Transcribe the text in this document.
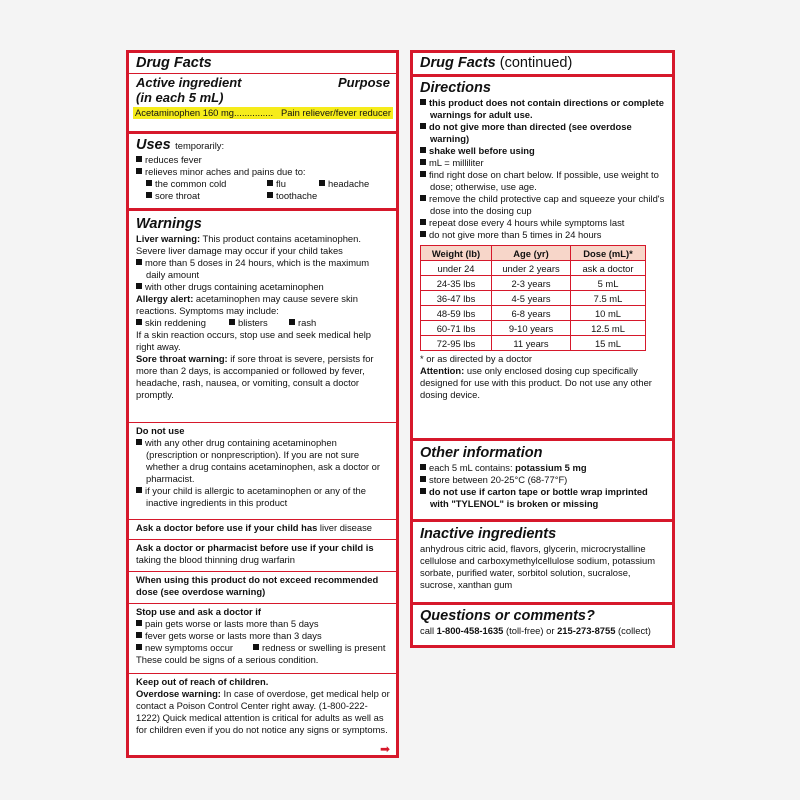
Drug Facts
Active ingredient
(in each 5 mL)
Purpose
Acetaminophen 160 mg............... Pain reliever/fever reducer
Uses temporarily:
reduces fever
relieves minor aches and pains due to:
the common cold	flu	headache
sore throat	toothache
Warnings
Liver warning: This product contains acetaminophen. Severe liver damage may occur if your child takes
more than 5 doses in 24 hours, which is the maximum daily amount
with other drugs containing acetaminophen
Allergy alert: acetaminophen may cause severe skin reactions. Symptoms may include:
skin reddening	blisters	rash
If a skin reaction occurs, stop use and seek medical help right away.
Sore throat warning: if sore throat is severe, persists for more than 2 days, is accompanied or followed by fever, headache, rash, nausea, or vomiting, consult a doctor promptly.
Do not use
with any other drug containing acetaminophen (prescription or nonprescription). If you are not sure whether a drug contains acetaminophen, ask a doctor or pharmacist.
if your child is allergic to acetaminophen or any of the inactive ingredients in this product
Ask a doctor before use if your child has liver disease
Ask a doctor or pharmacist before use if your child is taking the blood thinning drug warfarin
When using this product do not exceed recommended dose (see overdose warning)
Stop use and ask a doctor if
pain gets worse or lasts more than 5 days
fever gets worse or lasts more than 3 days
new symptoms occur	redness or swelling is present
These could be signs of a serious condition.
Keep out of reach of children.
Overdose warning: In case of overdose, get medical help or contact a Poison Control Center right away. (1-800-222-1222) Quick medical attention is critical for adults as well as for children even if you do not notice any signs or symptoms.
➡
Drug Facts (continued)
Directions
this product does not contain directions or complete warnings for adult use.
do not give more than directed (see overdose warning)
shake well before using
mL = milliliter
find right dose on chart below. If possible, use weight to dose; otherwise, use age.
remove the child protective cap and squeeze your child's dose into the dosing cup
repeat dose every 4 hours while symptoms last
do not give more than 5 times in 24 hours
Weight (lb)	Age (yr)	Dose (mL)*
under 24	under 2 years	ask a doctor
24-35 lbs	2-3 years	5 mL
36-47 lbs	4-5 years	7.5 mL
48-59 lbs	6-8 years	10 mL
60-71 lbs	9-10 years	12.5 mL
72-95 lbs	11 years	15 mL
* or as directed by a doctor
Attention: use only enclosed dosing cup specifically designed for use with this product. Do not use any other dosing device.
Other information
each 5 mL contains: potassium 5 mg
store between 20-25°C (68-77°F)
do not use if carton tape or bottle wrap imprinted with "TYLENOL" is broken or missing
Inactive ingredients
anhydrous citric acid, flavors, glycerin, microcrystalline cellulose and carboxymethylcellulose sodium, potassium sorbate, purified water, sorbitol solution, sucralose, sucrose, xanthan gum
Questions or comments?
call 1-800-458-1635 (toll-free) or 215-273-8755 (collect)
